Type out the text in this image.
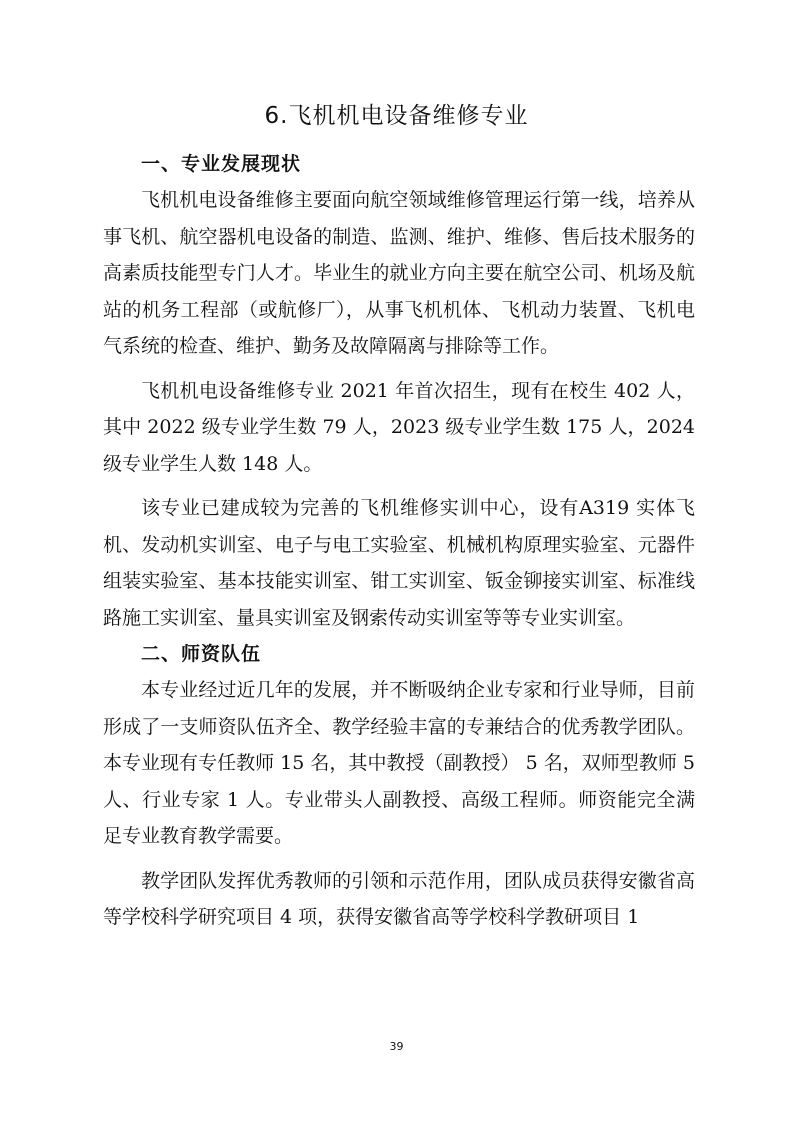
6.飞机机电设备维修专业
一、专业发展现状

飞机机电设备维修主要面向航空领域维修管理运行第一线，培养从事飞机、航空器机电设备的制造、监测、维护、维修、售后技术服务的高素质技能型专门人才。毕业生的就业方向主要在航空公司、机场及航站的机务工程部（或航修厂），从事飞机机体、飞机动力装置、飞机电气系统的检查、维护、勤务及故障隔离与排除等工作。

飞机机电设备维修专业 2021 年首次招生，现有在校生 402 人，其中 2022 级专业学生数 79 人，2023 级专业学生数 175 人，2024 级专业学生人数 148 人。

该专业已建成较为完善的飞机维修实训中心，设有A319 实体飞机、发动机实训室、电子与电工实验室、机械机构原理实验室、元器件组装实验室、基本技能实训室、钳工实训室、钣金铆接实训室、标准线路施工实训室、量具实训室及钢索传动实训室等等专业实训室。

二、师资队伍

本专业经过近几年的发展，并不断吸纳企业专家和行业导师，目前形成了一支师资队伍齐全、教学经验丰富的专兼结合的优秀教学团队。本专业现有专任教师 15 名，其中教授（副教授） 5 名，双师型教师 5 人、行业专家 1 人。专业带头人副教授、高级工程师。师资能完全满足专业教育教学需要。

教学团队发挥优秀教师的引领和示范作用，团队成员获得安徽省高等学校科学研究项目 4 项，获得安徽省高等学校科学教研项目 1

39
